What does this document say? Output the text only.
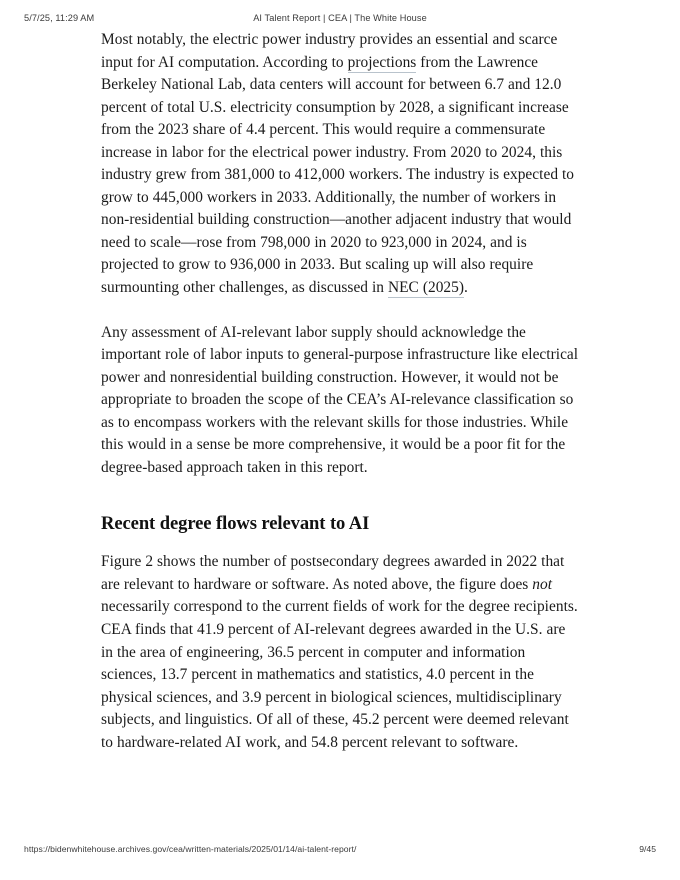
5/7/25, 11:29 AM	AI Talent Report | CEA | The White House

Most notably, the electric power industry provides an essential and scarce input for AI computation. According to projections from the Lawrence Berkeley National Lab, data centers will account for between 6.7 and 12.0 percent of total U.S. electricity consumption by 2028, a significant increase from the 2023 share of 4.4 percent. This would require a commensurate increase in labor for the electrical power industry. From 2020 to 2024, this industry grew from 381,000 to 412,000 workers. The industry is expected to grow to 445,000 workers in 2033. Additionally, the number of workers in non-residential building construction—another adjacent industry that would need to scale—rose from 798,000 in 2020 to 923,000 in 2024, and is projected to grow to 936,000 in 2033. But scaling up will also require surmounting other challenges, as discussed in NEC (2025).

Any assessment of AI-relevant labor supply should acknowledge the important role of labor inputs to general-purpose infrastructure like electrical power and nonresidential building construction. However, it would not be appropriate to broaden the scope of the CEA’s AI-relevance classification so as to encompass workers with the relevant skills for those industries. While this would in a sense be more comprehensive, it would be a poor fit for the degree-based approach taken in this report.

Recent degree flows relevant to AI

Figure 2 shows the number of postsecondary degrees awarded in 2022 that are relevant to hardware or software. As noted above, the figure does not necessarily correspond to the current fields of work for the degree recipients. CEA finds that 41.9 percent of AI-relevant degrees awarded in the U.S. are in the area of engineering, 36.5 percent in computer and information sciences, 13.7 percent in mathematics and statistics, 4.0 percent in the physical sciences, and 3.9 percent in biological sciences, multidisciplinary subjects, and linguistics. Of all of these, 45.2 percent were deemed relevant to hardware-related AI work, and 54.8 percent relevant to software.

https://bidenwhitehouse.archives.gov/cea/written-materials/2025/01/14/ai-talent-report/	9/45
